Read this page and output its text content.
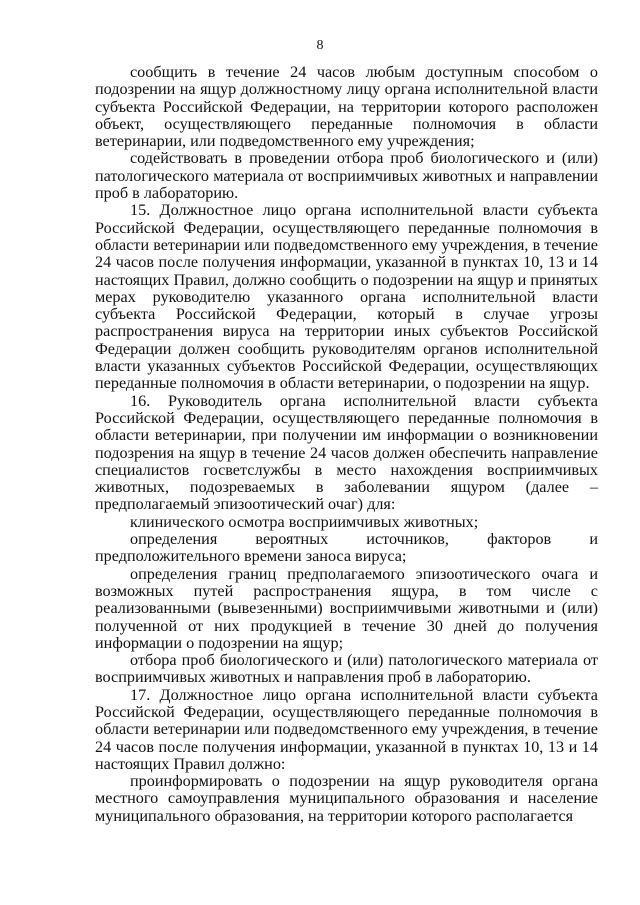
8

сообщить в течение 24 часов любым доступным способом о подозрении на ящур должностному лицу органа исполнительной власти субъекта Российской Федерации, на территории которого расположен объект, осуществляющего переданные полномочия в области ветеринарии, или подведомственного ему учреждения;

содействовать в проведении отбора проб биологического и (или) патологического материала от восприимчивых животных и направлении проб в лабораторию.

15. Должностное лицо органа исполнительной власти субъекта Российской Федерации, осуществляющего переданные полномочия в области ветеринарии или подведомственного ему учреждения, в течение 24 часов после получения информации, указанной в пунктах 10, 13 и 14 настоящих Правил, должно сообщить о подозрении на ящур и принятых мерах руководителю указанного органа исполнительной власти субъекта Российской Федерации, который в случае угрозы распространения вируса на территории иных субъектов Российской Федерации должен сообщить руководителям органов исполнительной власти указанных субъектов Российской Федерации, осуществляющих переданные полномочия в области ветеринарии, о подозрении на ящур.

16. Руководитель органа исполнительной власти субъекта Российской Федерации, осуществляющего переданные полномочия в области ветеринарии, при получении им информации о возникновении подозрения на ящур в течение 24 часов должен обеспечить направление специалистов госветслужбы в место нахождения восприимчивых животных, подозреваемых в заболевании ящуром (далее – предполагаемый эпизоотический очаг) для:

клинического осмотра восприимчивых животных;

определения вероятных источников, факторов и предположительного времени заноса вируса;

определения границ предполагаемого эпизоотического очага и возможных путей распространения ящура, в том числе с реализованными (вывезенными) восприимчивыми животными и (или) полученной от них продукцией в течение 30 дней до получения информации о подозрении на ящур;

отбора проб биологического и (или) патологического материала от восприимчивых животных и направления проб в лабораторию.

17. Должностное лицо органа исполнительной власти субъекта Российской Федерации, осуществляющего переданные полномочия в области ветеринарии или подведомственного ему учреждения, в течение 24 часов после получения информации, указанной в пунктах 10, 13 и 14 настоящих Правил должно:

проинформировать о подозрении на ящур руководителя органа местного самоуправления муниципального образования и население муниципального образования, на территории которого располагается
